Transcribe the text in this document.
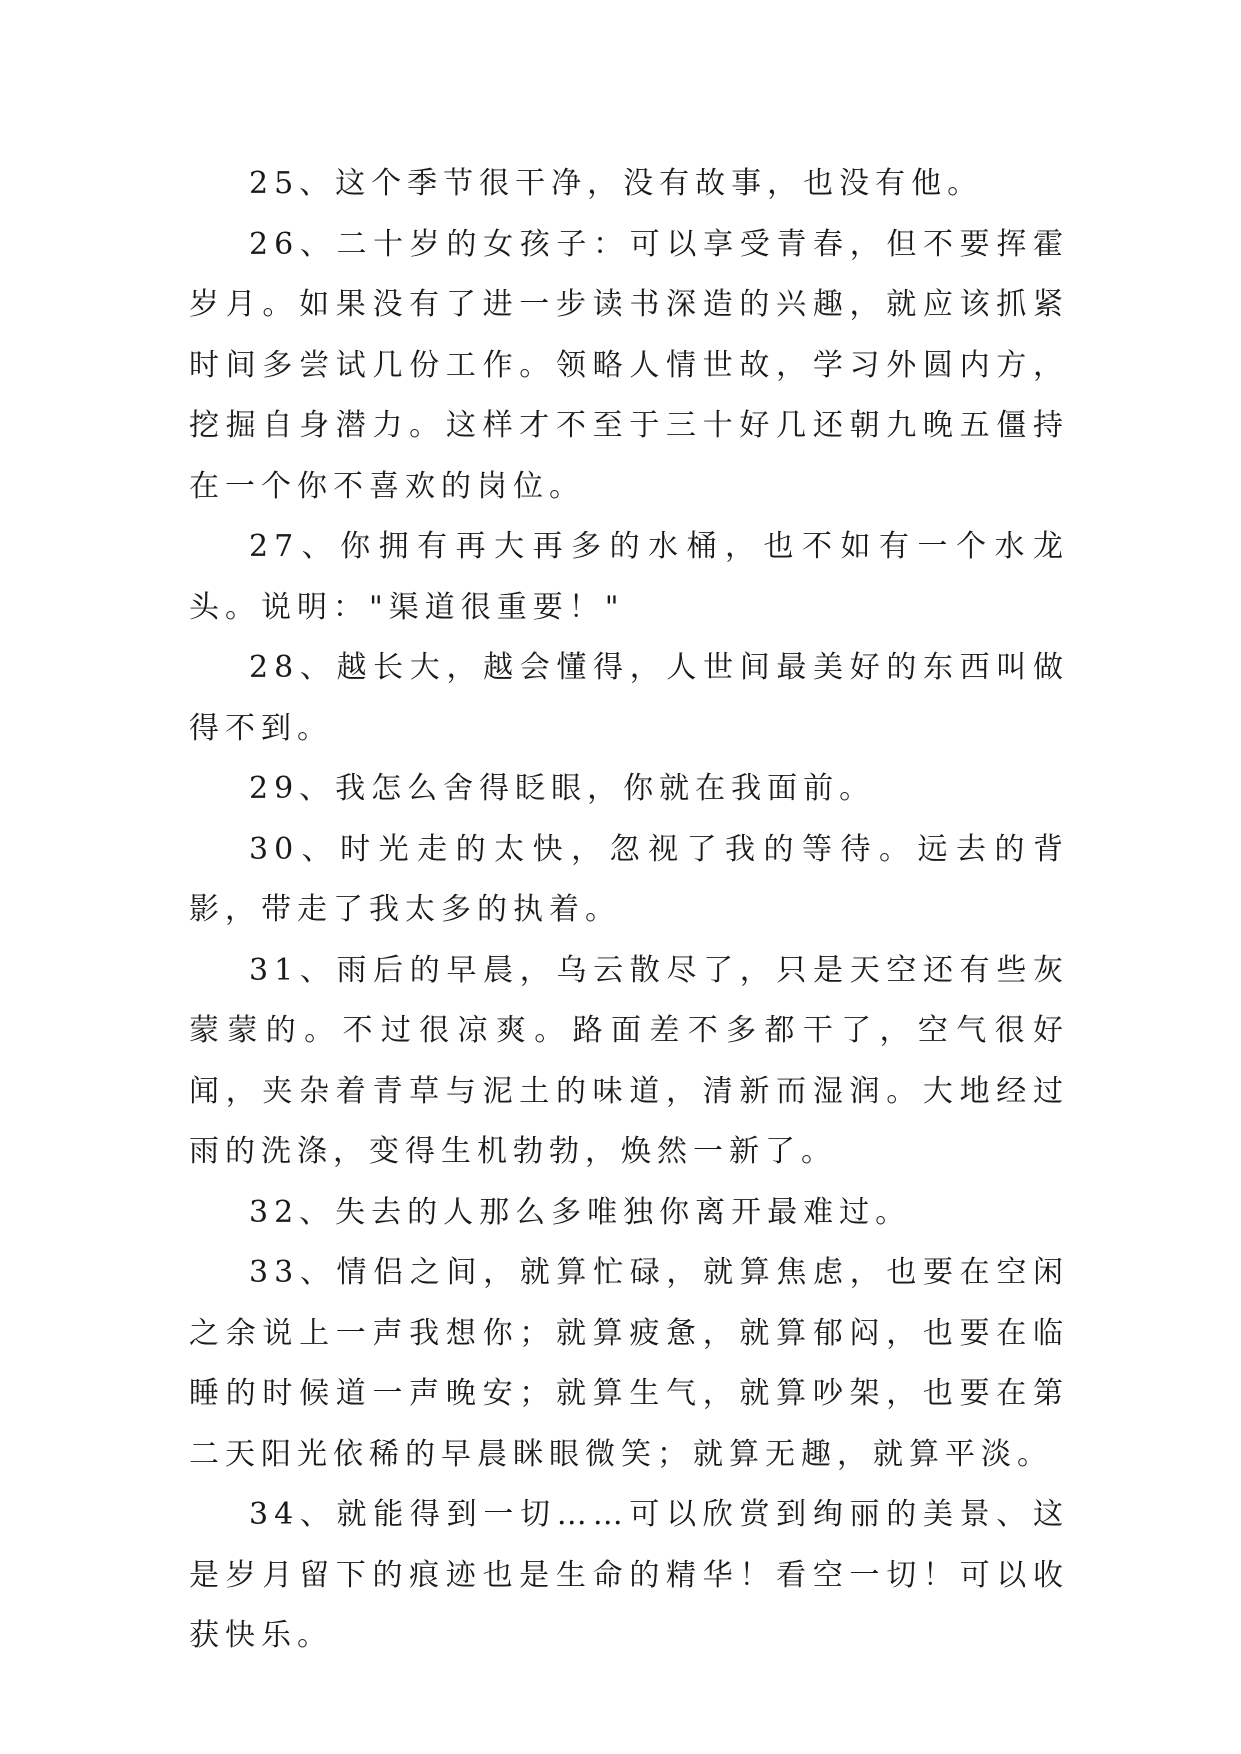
25、这个季节很干净，没有故事，也没有他。

26、二十岁的女孩子：可以享受青春，但不要挥霍岁月。如果没有了进一步读书深造的兴趣，就应该抓紧时间多尝试几份工作。领略人情世故，学习外圆内方，挖掘自身潜力。这样才不至于三十好几还朝九晚五僵持在一个你不喜欢的岗位。

27、你拥有再大再多的水桶，也不如有一个水龙头。说明："渠道很重要！"

28、越长大，越会懂得，人世间最美好的东西叫做得不到。

29、我怎么舍得眨眼，你就在我面前。

30、时光走的太快，忽视了我的等待。远去的背影，带走了我太多的执着。

31、雨后的早晨，乌云散尽了，只是天空还有些灰蒙蒙的。不过很凉爽。路面差不多都干了，空气很好闻，夹杂着青草与泥土的味道，清新而湿润。大地经过雨的洗涤，变得生机勃勃，焕然一新了。

32、失去的人那么多唯独你离开最难过。

33、情侣之间，就算忙碌，就算焦虑，也要在空闲之余说上一声我想你；就算疲惫，就算郁闷，也要在临睡的时候道一声晚安；就算生气，就算吵架，也要在第二天阳光依稀的早晨眯眼微笑；就算无趣，就算平淡。

34、就能得到一切……可以欣赏到绚丽的美景、这是岁月留下的痕迹也是生命的精华！看空一切！可以收获快乐。
